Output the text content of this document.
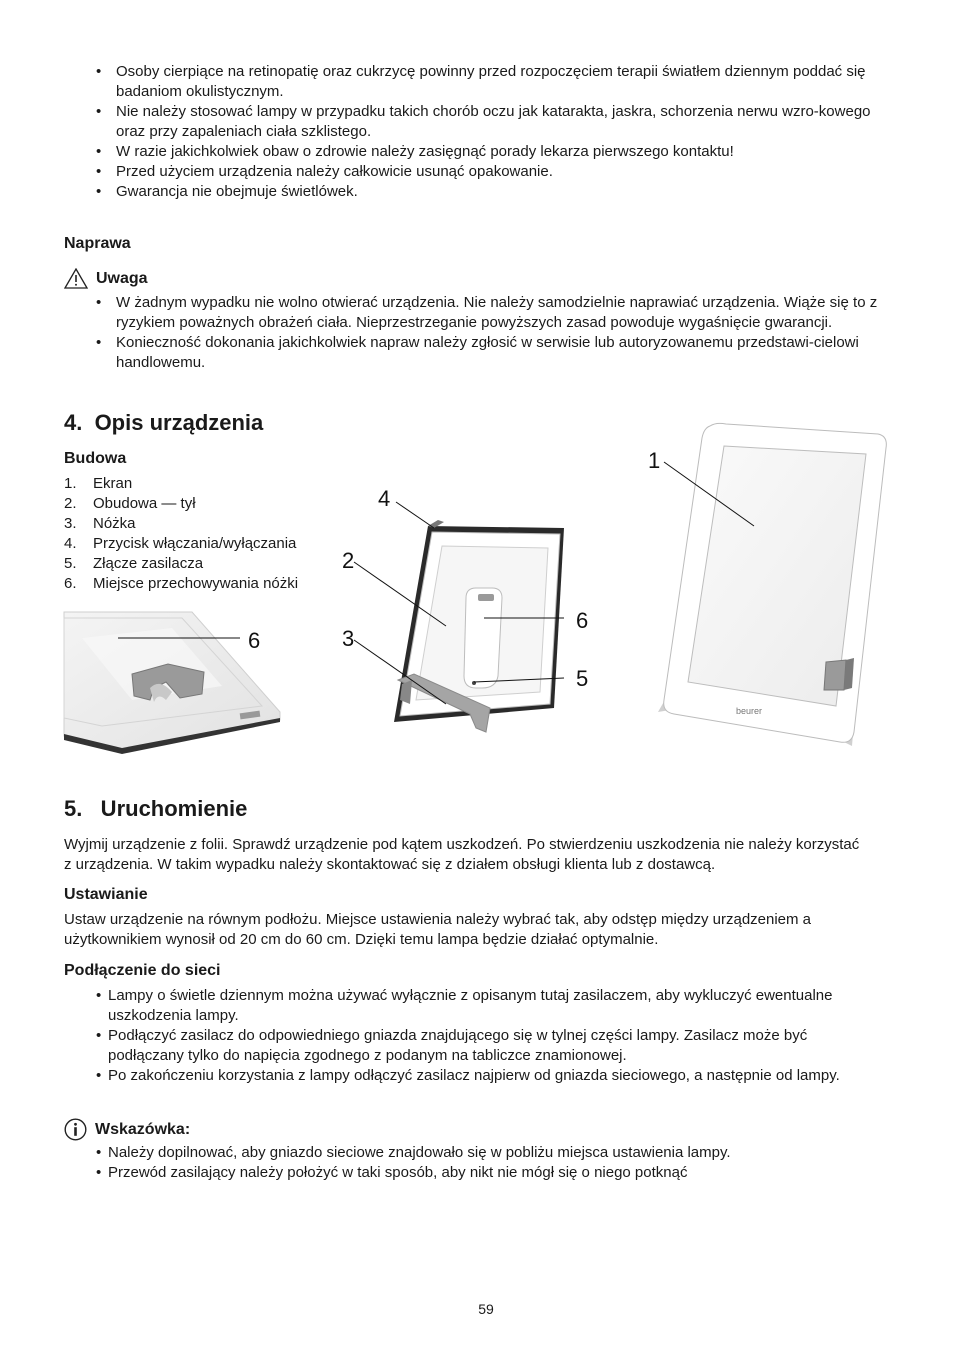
• Osoby cierpiące na retinopatię oraz cukrzycę powinny przed rozpoczęciem terapii światłem dziennym poddać się badaniom okulistycznym.
• Nie należy stosować lampy w przypadku takich chorób oczu jak katarakta, jaskra, schorzenia nerwu wzro-kowego oraz przy zapaleniach ciała szklistego.
• W razie jakichkolwiek obaw o zdrowie należy zasięgnąć porady lekarza pierwszego kontaktu!
• Przed użyciem urządzenia należy całkowicie usunąć opakowanie.
• Gwarancja nie obejmuje świetlówek.
Naprawa
Uwaga
• W żadnym wypadku nie wolno otwierać urządzenia. Nie należy samodzielnie naprawiać urządzenia. Wiąże się to z ryzykiem poważnych obrażeń ciała. Nieprzestrzeganie powyższych zasad powoduje wygaśnięcie gwarancji.
• Konieczność dokonania jakichkolwiek napraw należy zgłosić w serwisie lub autoryzowanemu przedstawi-cielowi handlowemu.
4.  Opis urządzenia
Budowa
1. Ekran
2. Obudowa — tył
3. Nóżka
4. Przycisk włączania/wyłączania
5. Złącze zasilacza
6. Miejsce przechowywania nóżki
6
4
2
3
6
5
beurer
1
5.   Uruchomienie
Wyjmij urządzenie z folii. Sprawdź urządzenie pod kątem uszkodzeń. Po stwierdzeniu uszkodzenia nie należy korzystać z urządzenia. W takim wypadku należy skontaktować się z działem obsługi klienta lub z dostawcą.
Ustawianie
Ustaw urządzenie na równym podłożu. Miejsce ustawienia należy wybrać tak, aby odstęp między urządzeniem a użytkownikiem wynosił od 20 cm do 60 cm. Dzięki temu lampa będzie działać optymalnie.
Podłączenie do sieci
• Lampy o świetle dziennym można używać wyłącznie z opisanym tutaj zasilaczem, aby wykluczyć ewentualne uszkodzenia lampy.
• Podłączyć zasilacz do odpowiedniego gniazda znajdującego się w tylnej części lampy. Zasilacz może być podłączany tylko do napięcia zgodnego z podanym na tabliczce znamionowej.
• Po zakończeniu korzystania z lampy odłączyć zasilacz najpierw od gniazda sieciowego, a następnie od lampy.
Wskazówka:
• Należy dopilnować, aby gniazdo sieciowe znajdowało się w pobliżu miejsca ustawienia lampy.
• Przewód zasilający należy położyć w taki sposób, aby nikt nie mógł się o niego potknąć
59
